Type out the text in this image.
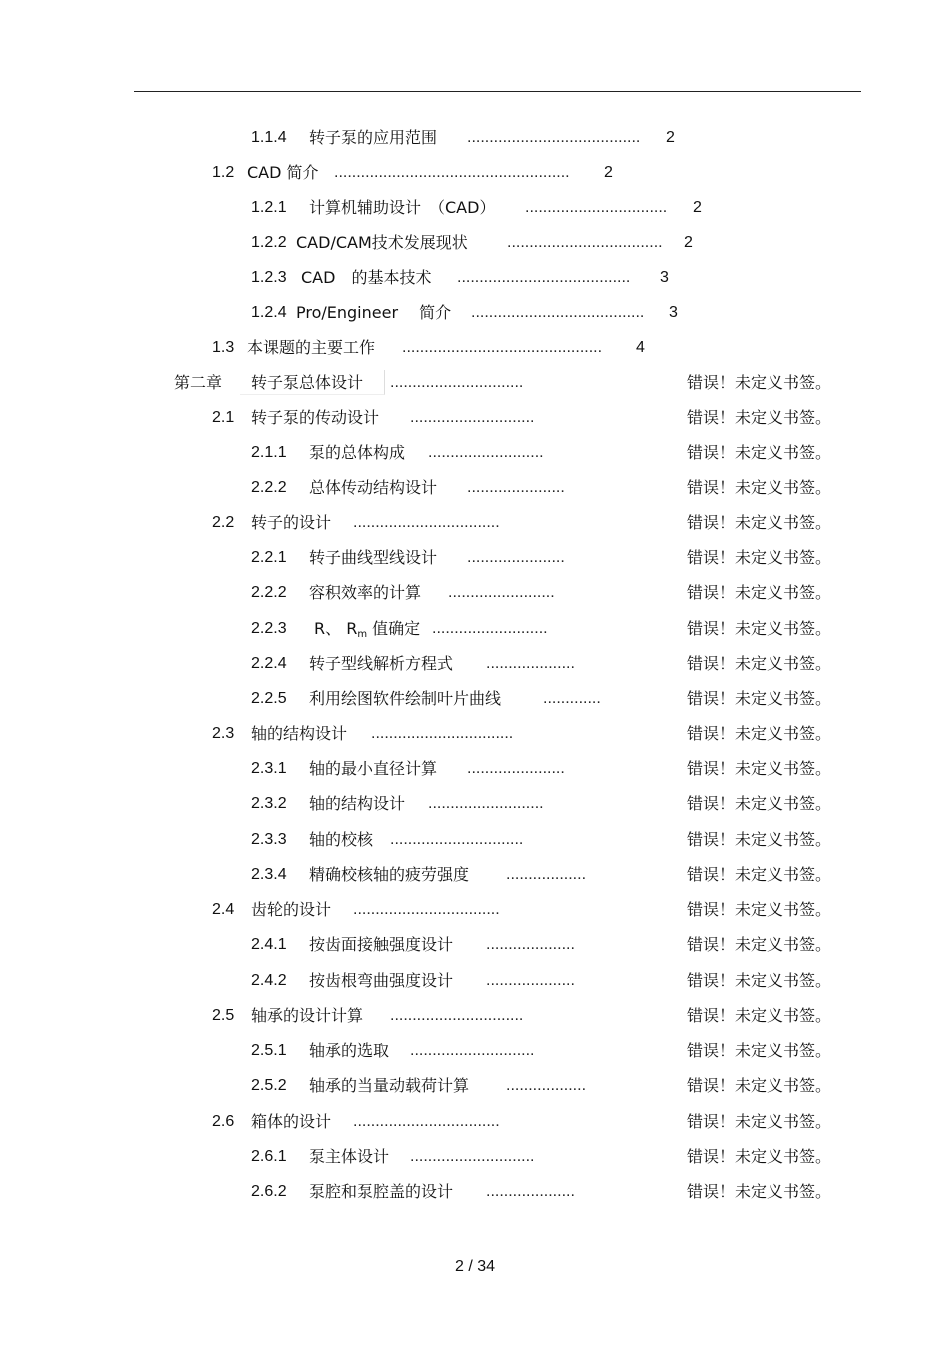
1.1.4 转子泵的应用范围 ....................................... 2
1.2 CAD 简介 ..................................................... 2
1.2.1 计算机辅助设计　（CAD） ................................ 2
1.2.2 CAD/CAM技术发展现状 ................................... 2
1.2.3 CAD　的基本技术 ....................................... 3
1.2.4 Pro/Engineer　 简介 ....................................... 3
1.3 本课题的主要工作 ............................................. 4
第二章 转子泵总体设计 ..............................	错误！未定义书签。
2.1 转子泵的传动设计 ............................	错误！未定义书签。
2.1.1 泵的总体构成 ..........................	错误！未定义书签。
2.2.2 总体传动结构设计 ......................	错误！未定义书签。
2.2 转子的设计 .................................	错误！未定义书签。
2.2.1 转子曲线型线设计 ......................	错误！未定义书签。
2.2.2 容积效率的计算 ........................	错误！未定义书签。
2.2.3 R、 $R_m$ 值确定 ..........................	错误！未定义书签。
2.2.4 转子型线解析方程式 ....................	错误！未定义书签。
2.2.5 利用绘图软件绘制叶片曲线	.............	错误！未定义书签。
2.3 轴的结构设计 ................................	错误！未定义书签。
2.3.1 轴的最小直径计算 ......................	错误！未定义书签。
2.3.2 轴的结构设计 ..........................	错误！未定义书签。
2.3.3 轴的校核 ..............................	错误！未定义书签。
2.3.4 精确校核轴的疲劳强度 ..................	错误！未定义书签。
2.4 齿轮的设计 .................................	错误！未定义书签。
2.4.1 按齿面接触强度设计 ....................	错误！未定义书签。
2.4.2 按齿根弯曲强度设计 ....................	错误！未定义书签。
2.5 轴承的设计计算 ..............................	错误！未定义书签。
2.5.1 轴承的选取 ............................	错误！未定义书签。
2.5.2 轴承的当量动载荷计算 ..................	错误！未定义书签。
2.6 箱体的设计 .................................	错误！未定义书签。
2.6.1 泵主体设计 ............................	错误！未定义书签。
2.6.2 泵腔和泵腔盖的设计 ....................	错误！未定义书签。
2 / 34
